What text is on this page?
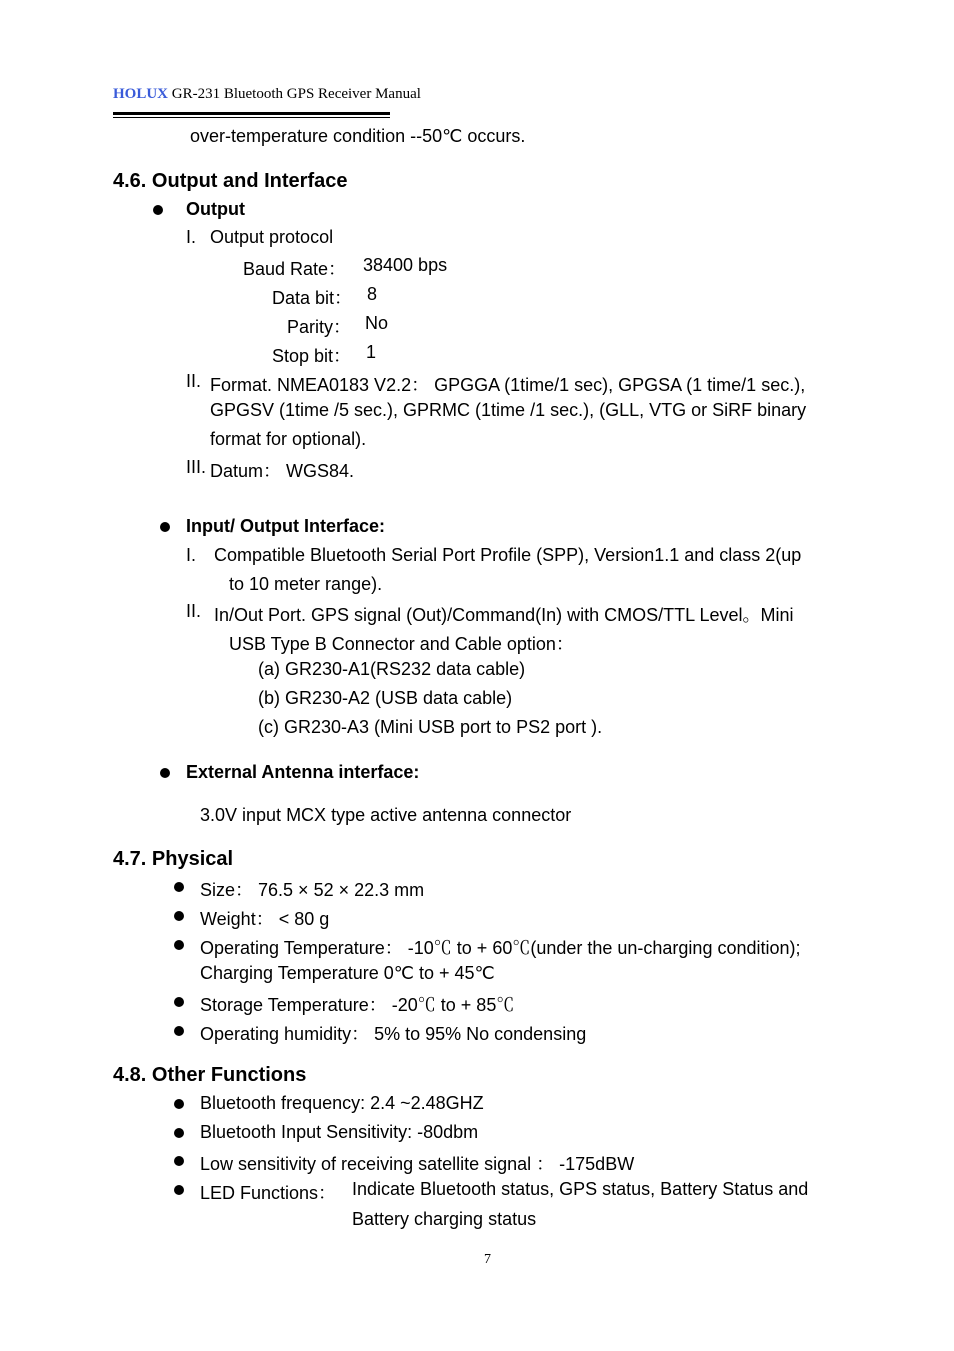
HOLUX GR-231 Bluetooth GPS Receiver Manual
over-temperature condition --50℃ occurs.
4.6. Output and Interface
Output
I. Output protocol
Baud Rate： 38400 bps
Data bit： 8
Parity： No
Stop bit： 1
II. Format. NMEA0183 V2.2： GPGGA (1time/1 sec), GPGSA (1 time/1 sec.),
GPGSV (1time /5 sec.), GPRMC (1time /1 sec.), (GLL, VTG or SiRF binary
format for optional).
III. Datum： WGS84.
Input/ Output Interface:
I. Compatible Bluetooth Serial Port Profile (SPP), Version1.1 and class 2(up
to 10 meter range).
II. In/Out Port. GPS signal (Out)/Command(In) with CMOS/TTL Level。Mini
USB Type B Connector and Cable option：
(a) GR230-A1(RS232 data cable)
(b) GR230-A2 (USB data cable)
(c) GR230-A3 (Mini USB port to PS2 port ).
External Antenna interface:
3.0V input MCX type active antenna connector
4.7. Physical
Size： 76.5 × 52 × 22.3 mm
Weight： < 80 g
Operating Temperature： -10℃ to + 60℃(under the un-charging condition);
Charging Temperature 0℃ to + 45℃
Storage Temperature： -20℃ to + 85℃
Operating humidity： 5% to 95% No condensing
4.8. Other Functions
Bluetooth frequency: 2.4 ~2.48GHZ
Bluetooth Input Sensitivity: -80dbm
Low sensitivity of receiving satellite signal ： -175dBW
LED Functions： Indicate Bluetooth status, GPS status, Battery Status and
Battery charging status
7
